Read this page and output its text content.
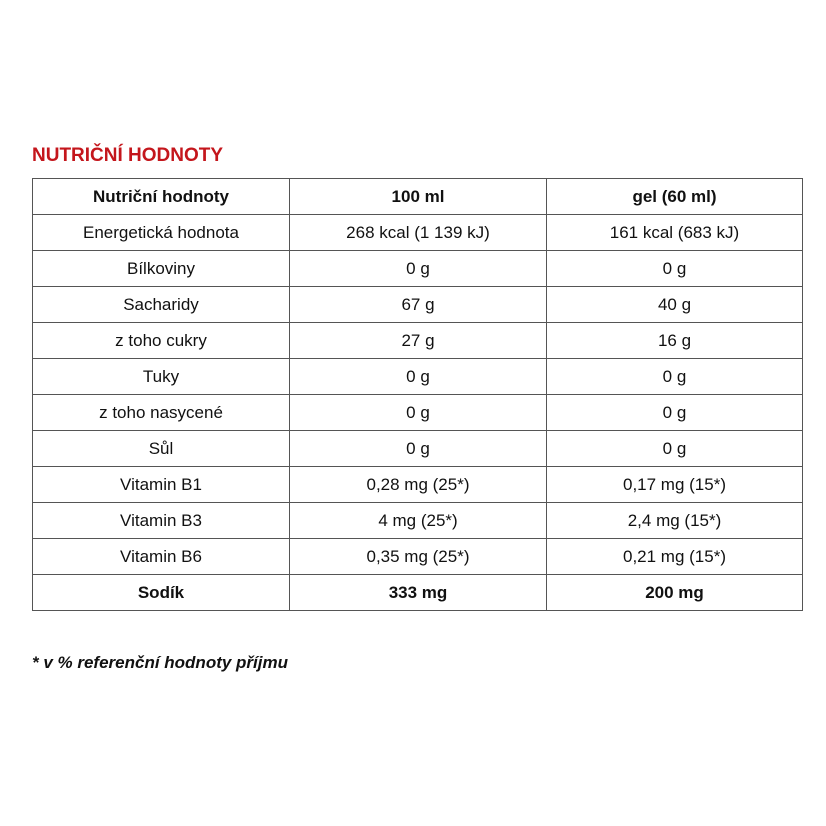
NUTRIČNÍ HODNOTY
Nutriční hodnoty	100 ml	gel (60 ml)
Energetická hodnota	268 kcal (1 139 kJ)	161 kcal (683 kJ)
Bílkoviny	0 g	0 g
Sacharidy	67 g	40 g
z toho cukry	27 g	16 g
Tuky	0 g	0 g
z toho nasycené	0 g	0 g
Sůl	0 g	0 g
Vitamin B1	0,28 mg (25*)	0,17 mg (15*)
Vitamin B3	4 mg (25*)	2,4 mg (15*)
Vitamin B6	0,35 mg (25*)	0,21 mg (15*)
Sodík	333 mg	200 mg
* v % referenční hodnoty příjmu
